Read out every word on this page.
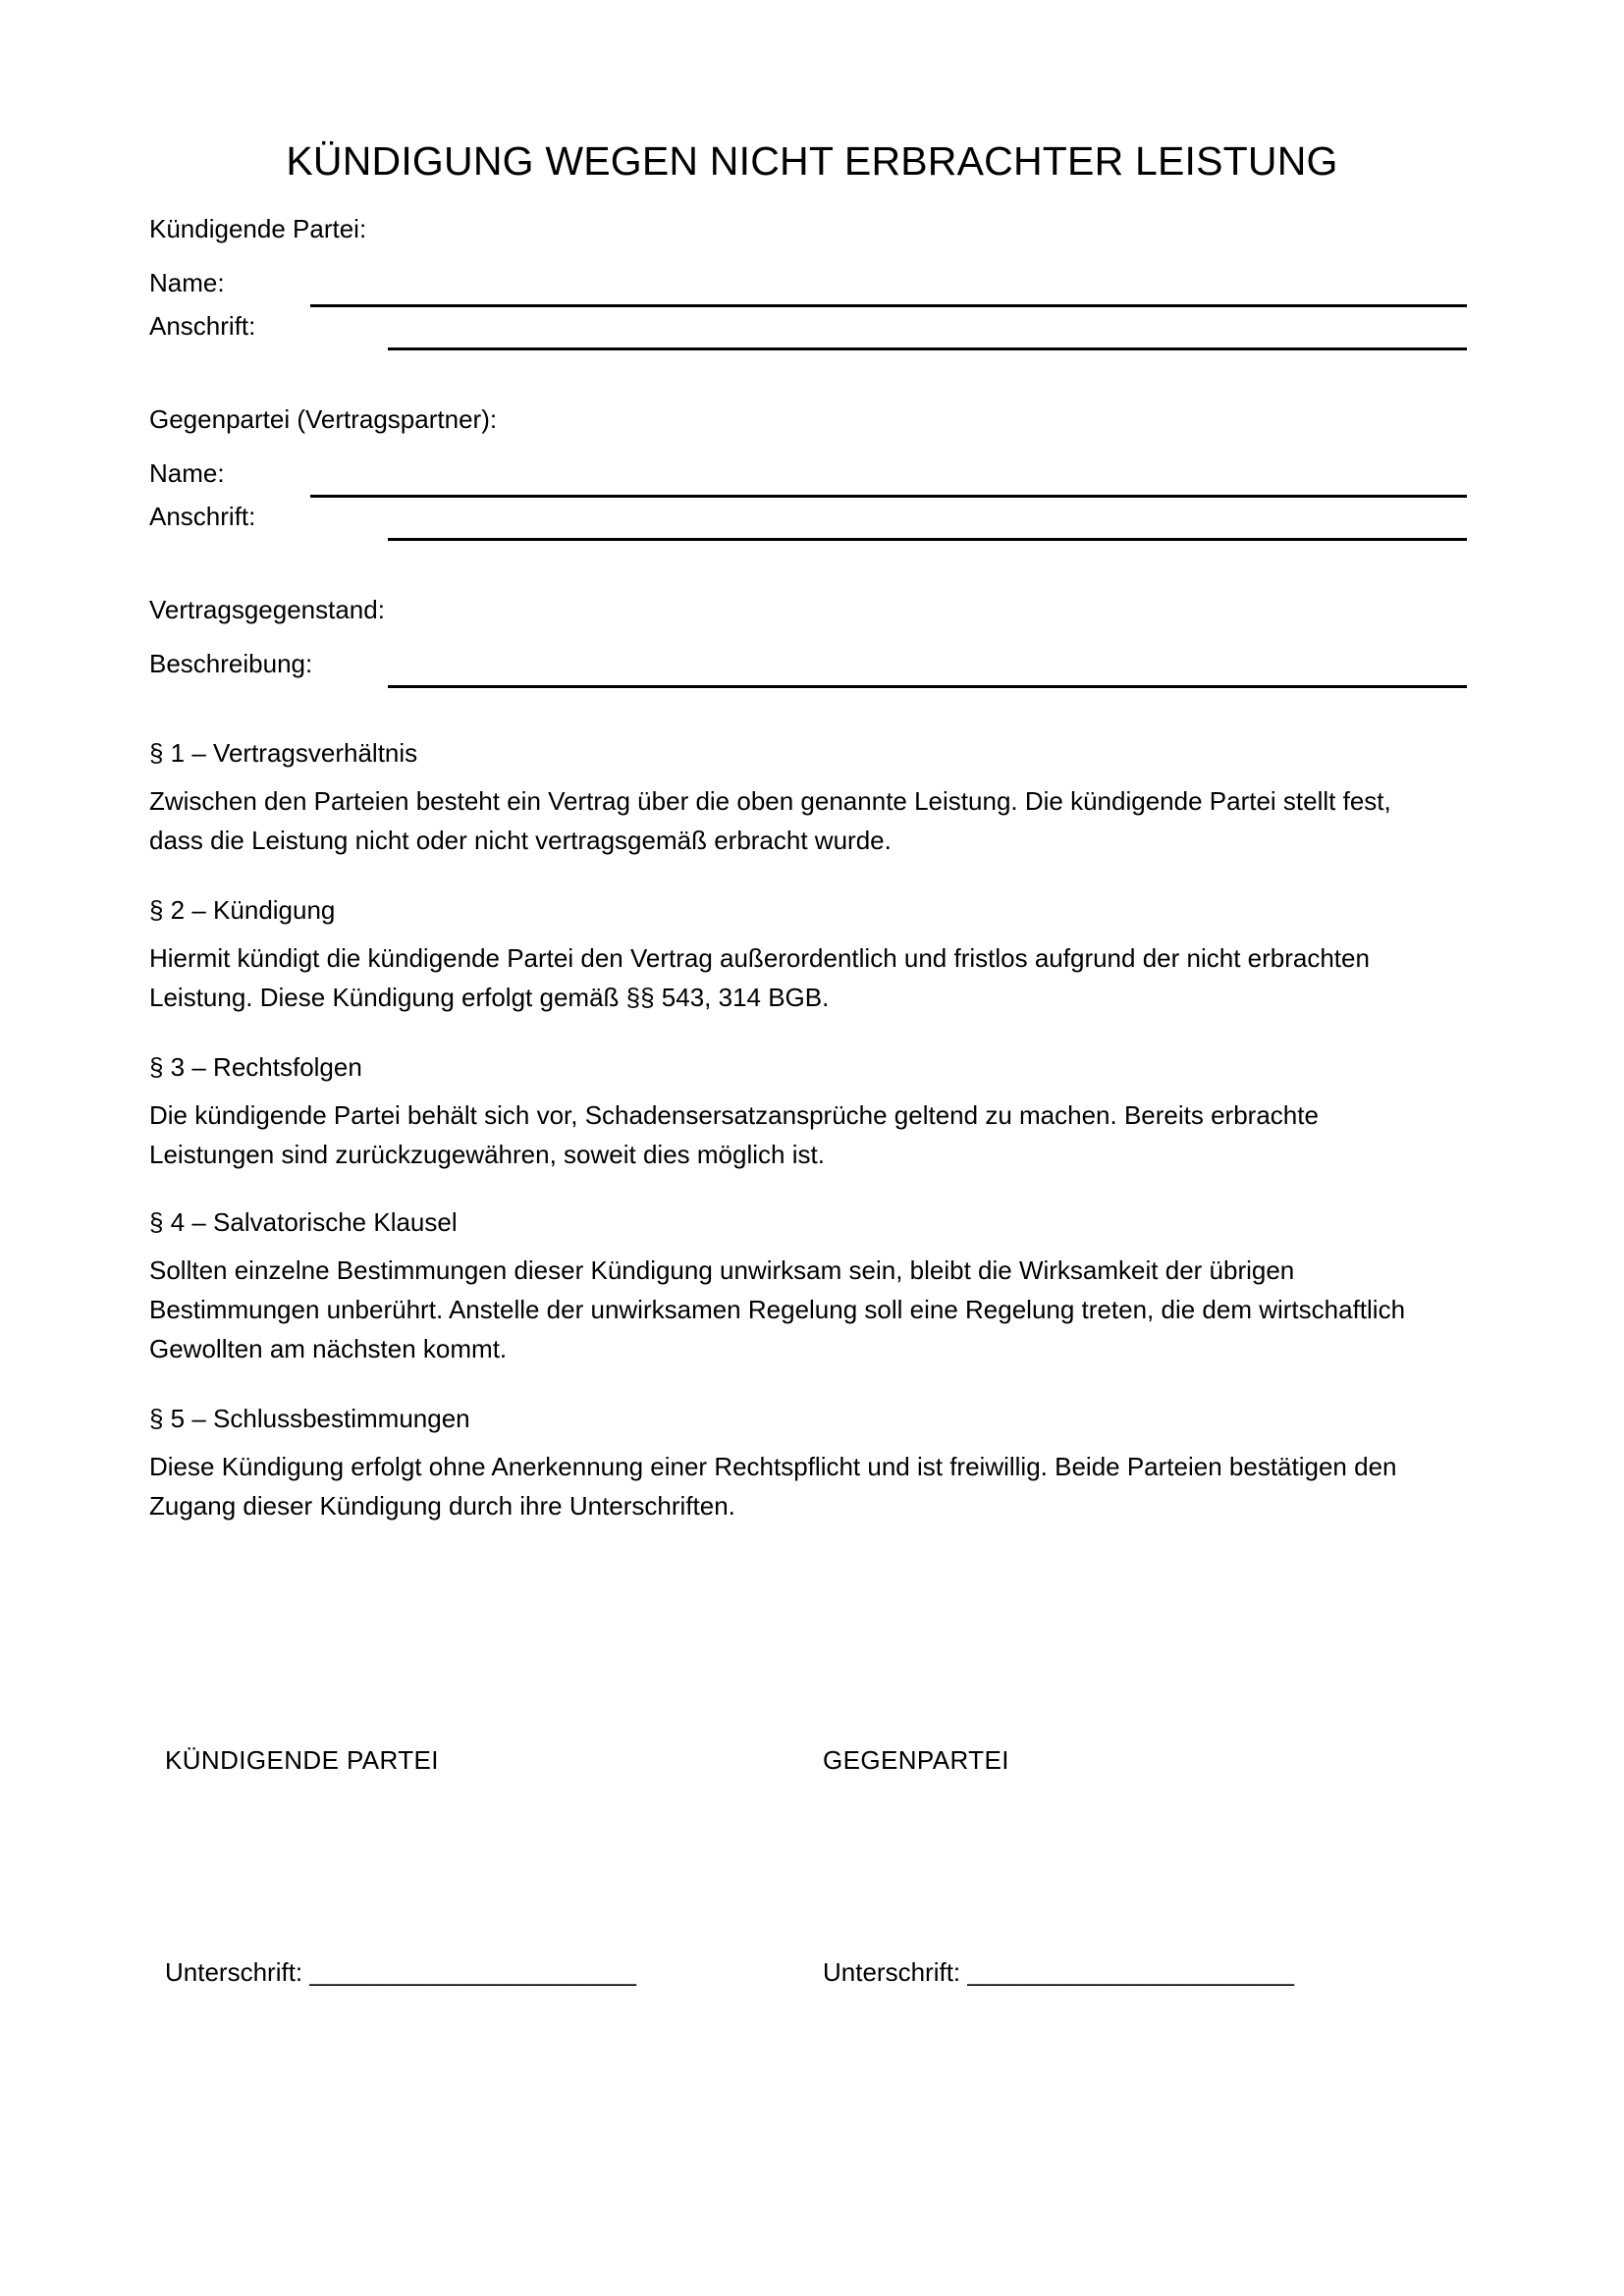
KÜNDIGUNG WEGEN NICHT ERBRACHTER LEISTUNG
Kündigende Partei:
Name:
Anschrift:
Gegenpartei (Vertragspartner):
Name:
Anschrift:
Vertragsgegenstand:
Beschreibung:
§ 1 – Vertragsverhältnis

Zwischen den Parteien besteht ein Vertrag über die oben genannte Leistung. Die kündigende Partei stellt fest, dass die Leistung nicht oder nicht vertragsgemäß erbracht wurde.

§ 2 – Kündigung

Hiermit kündigt die kündigende Partei den Vertrag außerordentlich und fristlos aufgrund der nicht erbrachten Leistung. Diese Kündigung erfolgt gemäß §§ 543, 314 BGB.

§ 3 – Rechtsfolgen

Die kündigende Partei behält sich vor, Schadensersatzansprüche geltend zu machen. Bereits erbrachte Leistungen sind zurückzugewähren, soweit dies möglich ist.

§ 4 – Salvatorische Klausel

Sollten einzelne Bestimmungen dieser Kündigung unwirksam sein, bleibt die Wirksamkeit der übrigen Bestimmungen unberührt. Anstelle der unwirksamen Regelung soll eine Regelung treten, die dem wirtschaftlich Gewollten am nächsten kommt.

§ 5 – Schlussbestimmungen

Diese Kündigung erfolgt ohne Anerkennung einer Rechtspflicht und ist freiwillig. Beide Parteien bestätigen den Zugang dieser Kündigung durch ihre Unterschriften.

KÜNDIGENDE PARTEI	GEGENPARTEI
Unterschrift: _______________________	Unterschrift: _______________________
